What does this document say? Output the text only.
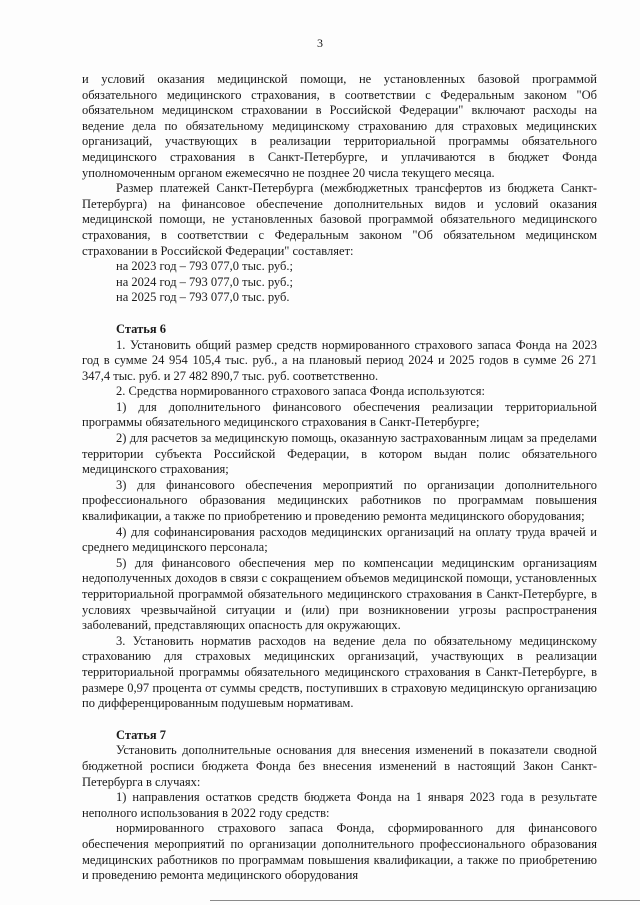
3

и условий оказания медицинской помощи, не установленных базовой программой обязательного медицинского страхования, в соответствии с Федеральным законом "Об обязательном медицинском страховании в Российской Федерации" включают расходы на ведение дела по обязательному медицинскому страхованию для страховых медицинских организаций, участвующих в реализации территориальной программы обязательного медицинского страхования в Санкт-Петербурге, и уплачиваются в бюджет Фонда уполномоченным органом ежемесячно не позднее 20 числа текущего месяца.

Размер платежей Санкт-Петербурга (межбюджетных трансфертов из бюджета Санкт-Петербурга) на финансовое обеспечение дополнительных видов и условий оказания медицинской помощи, не установленных базовой программой обязательного медицинского страхования, в соответствии с Федеральным законом "Об обязательном медицинском страховании в Российской Федерации" составляет:

на 2023 год – 793 077,0 тыс. руб.;

на 2024 год – 793 077,0 тыс. руб.;

на 2025 год – 793 077,0 тыс. руб.

Статья 6

1. Установить общий размер средств нормированного страхового запаса Фонда на 2023 год в сумме 24 954 105,4 тыс. руб., а на плановый период 2024 и 2025 годов в сумме 26 271 347,4 тыс. руб. и 27 482 890,7 тыс. руб. соответственно.

2. Средства нормированного страхового запаса Фонда используются:

1) для дополнительного финансового обеспечения реализации территориальной программы обязательного медицинского страхования в Санкт-Петербурге;

2) для расчетов за медицинскую помощь, оказанную застрахованным лицам за пределами территории субъекта Российской Федерации, в котором выдан полис обязательного медицинского страхования;

3) для финансового обеспечения мероприятий по организации дополнительного профессионального образования медицинских работников по программам повышения квалификации, а также по приобретению и проведению ремонта медицинского оборудования;

4) для софинансирования расходов медицинских организаций на оплату труда врачей и среднего медицинского персонала;

5) для финансового обеспечения мер по компенсации медицинским организациям недополученных доходов в связи с сокращением объемов медицинской помощи, установленных территориальной программой обязательного медицинского страхования в Санкт-Петербурге, в условиях чрезвычайной ситуации и (или) при возникновении угрозы распространения заболеваний, представляющих опасность для окружающих.

3. Установить норматив расходов на ведение дела по обязательному медицинскому страхованию для страховых медицинских организаций, участвующих в реализации территориальной программы обязательного медицинского страхования в Санкт-Петербурге, в размере 0,97 процента от суммы средств, поступивших в страховую медицинскую организацию по дифференцированным подушевым нормативам.

Статья 7

Установить дополнительные основания для внесения изменений в показатели сводной бюджетной росписи бюджета Фонда без внесения изменений в настоящий Закон Санкт-Петербурга в случаях:

1) направления остатков средств бюджета Фонда на 1 января 2023 года в результате неполного использования в 2022 году средств:

нормированного страхового запаса Фонда, сформированного для финансового обеспечения мероприятий по организации дополнительного профессионального образования медицинских работников по программам повышения квалификации, а также по приобретению и проведению ремонта медицинского оборудования
